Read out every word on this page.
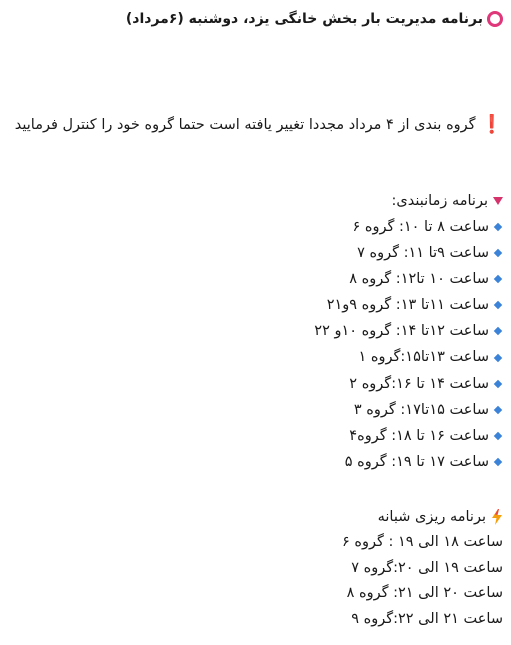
برنامه مدیریت بار بخش خانگی یزد، دوشنبه (۶مرداد)
❗گروه بندی از ۴ مرداد مجددا تغییر یافته است حتما گروه خود را کنترل فرمایید
برنامه زمانبندی:
ساعت ۸ تا ۱۰: گروه ۶
ساعت ۹تا ۱۱: گروه ۷
ساعت ۱۰ تا۱۲: گروه ۸
ساعت ۱۱تا ۱۳: گروه ۹و۲۱
ساعت ۱۲تا ۱۴: گروه ۱۰و ۲۲
ساعت ۱۳تا۱۵:گروه ۱
ساعت ۱۴ تا ۱۶:گروه ۲
ساعت ۱۵تا۱۷: گروه ۳
ساعت ۱۶ تا ۱۸: گروه۴
ساعت ۱۷ تا ۱۹: گروه ۵
برنامه ریزی شبانه
ساعت ۱۸ الی ۱۹ : گروه ۶
ساعت ۱۹ الی ۲۰:گروه ۷
ساعت ۲۰ الی ۲۱: گروه ۸
ساعت ۲۱ الی ۲۲:گروه ۹
